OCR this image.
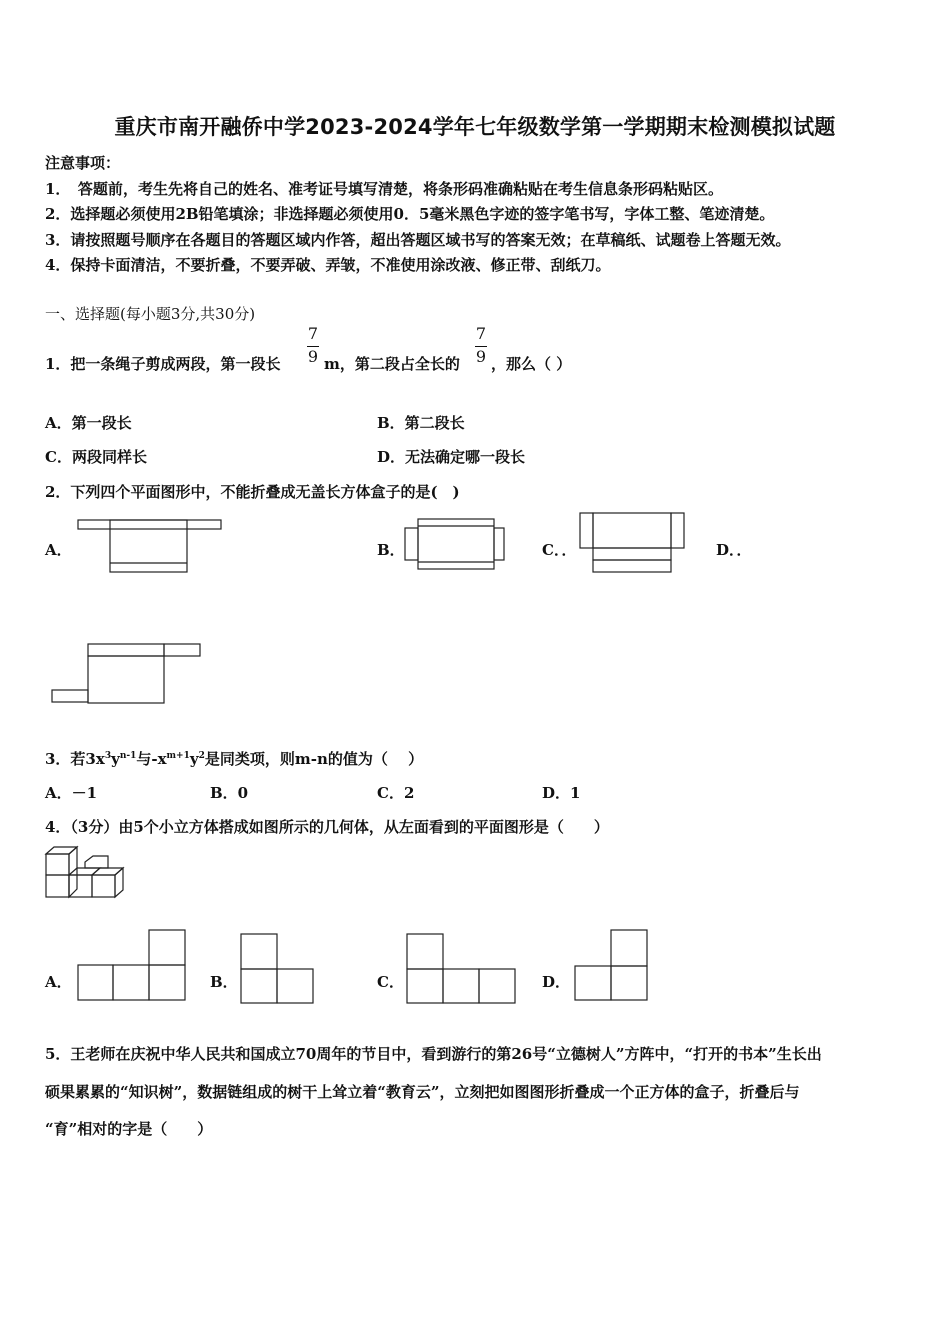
重庆市南开融侨中学2023-2024学年七年级数学第一学期期末检测模拟试题
注意事项：
1．　答题前，考生先将自己的姓名、准考证号填写清楚，将条形码准确粘贴在考生信息条形码粘贴区。
2．选择题必须使用2B铅笔填涂；非选择题必须使用0．5毫米黑色字迹的签字笔书写，字体工整、笔迹清楚。
3．请按照题号顺序在各题目的答题区域内作答，超出答题区域书写的答案无效；在草稿纸、试题卷上答题无效。
4．保持卡面清洁，不要折叠，不要弄破、弄皱，不准使用涂改液、修正带、刮纸刀。
一、选择题(每小题3分,共30分)
1．把一条绳子剪成两段，第一段长
7
9 m，第二段占全长的
7
9 ，那么（ ）
A．第一段长	B．第二段长
C．两段同样长	D．无法确定哪一段长
2．下列四个平面图形中，不能折叠成无盖长方体盒子的是(　)
A．	B．	C．．	D．．
3．若$3x^3y^{n-1}$与$-x^{m+1}y^2$是同类项，则m-n的值为（　 ）
A．－1	B．0	C．2	D．1
4．（3分）由5个小立方体搭成如图所示的几何体，从左面看到的平面图形是（　　）
A．	B．	C．	D．
5．王老师在庆祝中华人民共和国成立70周年的节目中，看到游行的第26号“立德树人”方阵中，“打开的书本”生长出
硕果累累的“知识树”，数据链组成的树干上耸立着“教育云”，立刻把如图图形折叠成一个正方体的盒子，折叠后与
“育”相对的字是（　　）
